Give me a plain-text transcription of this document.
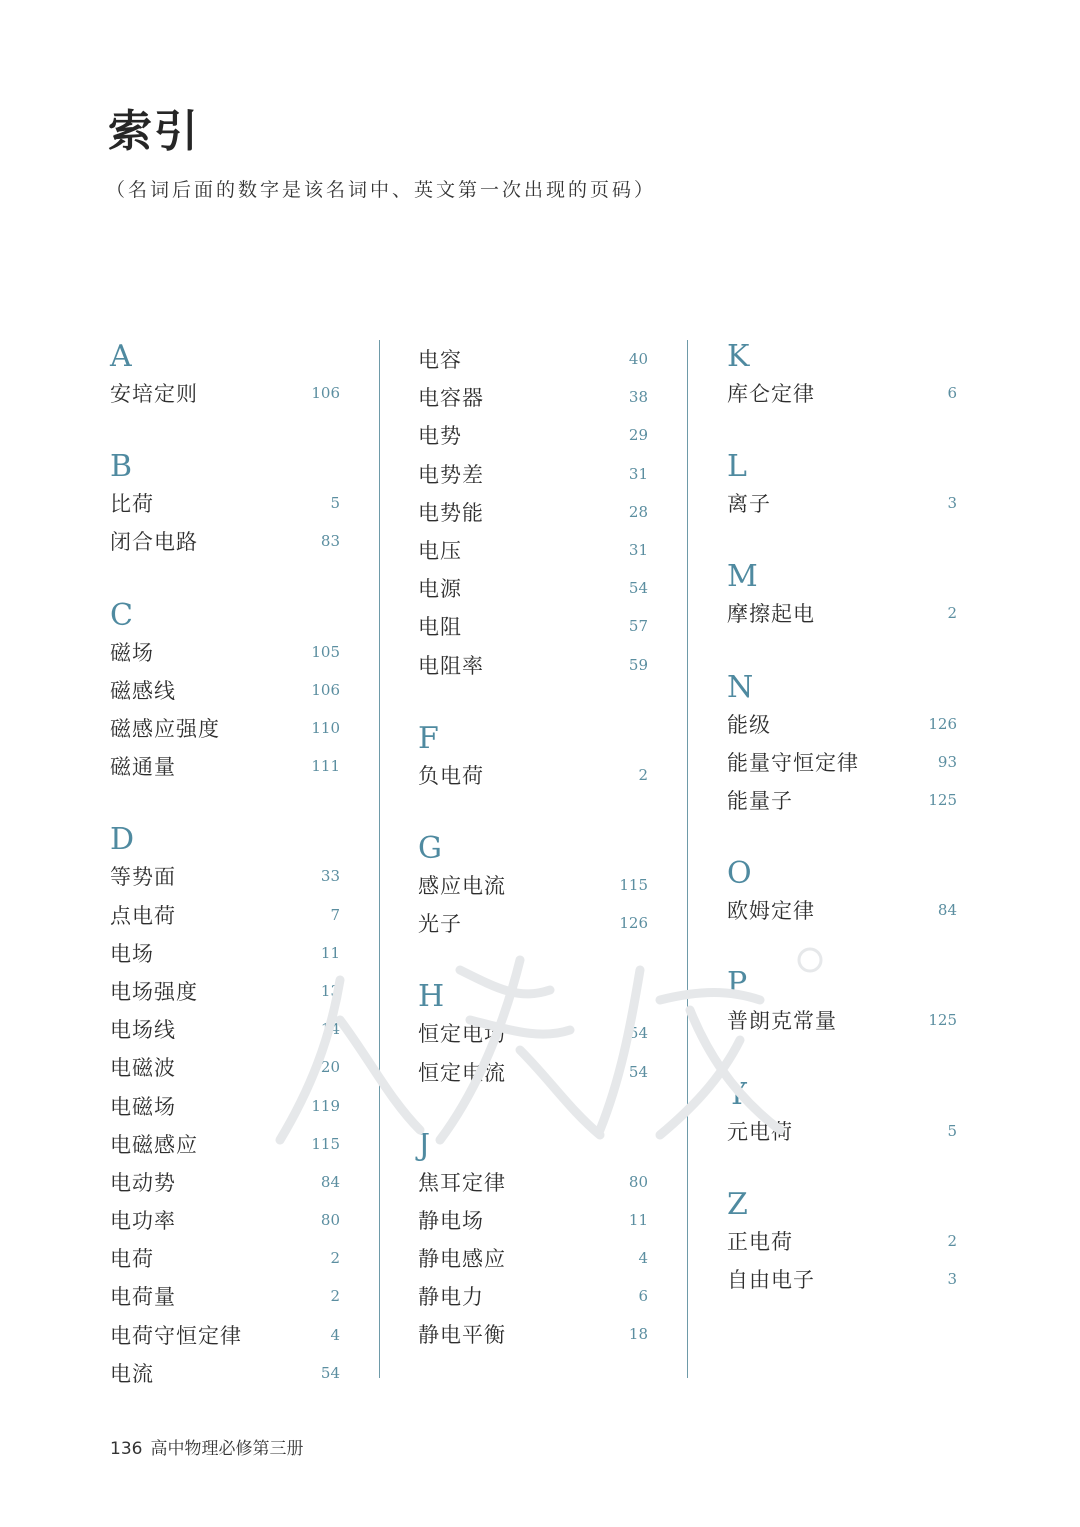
索引
（名词后面的数字是该名词中、英文第一次出现的页码）
A
安培定则	106
B
比荷	5
闭合电路	83
C
磁场	105
磁感线	106
磁感应强度	110
磁通量	111
D
等势面	33
点电荷	7
电场	11
电场强度	13
电场线	14
电磁波	120
电磁场	119
电磁感应	115
电动势	84
电功率	80
电荷	2
电荷量	2
电荷守恒定律	4
电流	54
电容	40
电容器	38
电势	29
电势差	31
电势能	28
电压	31
电源	54
电阻	57
电阻率	59
F
负电荷	2
G
感应电流	115
光子	126
H
恒定电场	54
恒定电流	54
J
焦耳定律	80
静电场	11
静电感应	4
静电力	6
静电平衡	18
K
库仑定律	6
L
离子	3
M
摩擦起电	2
N
能级	126
能量守恒定律	93
能量子	125
O
欧姆定律	84
P
普朗克常量	125
Y
元电荷	5
Z
正电荷	2
自由电子	3
136 高中物理必修第三册
